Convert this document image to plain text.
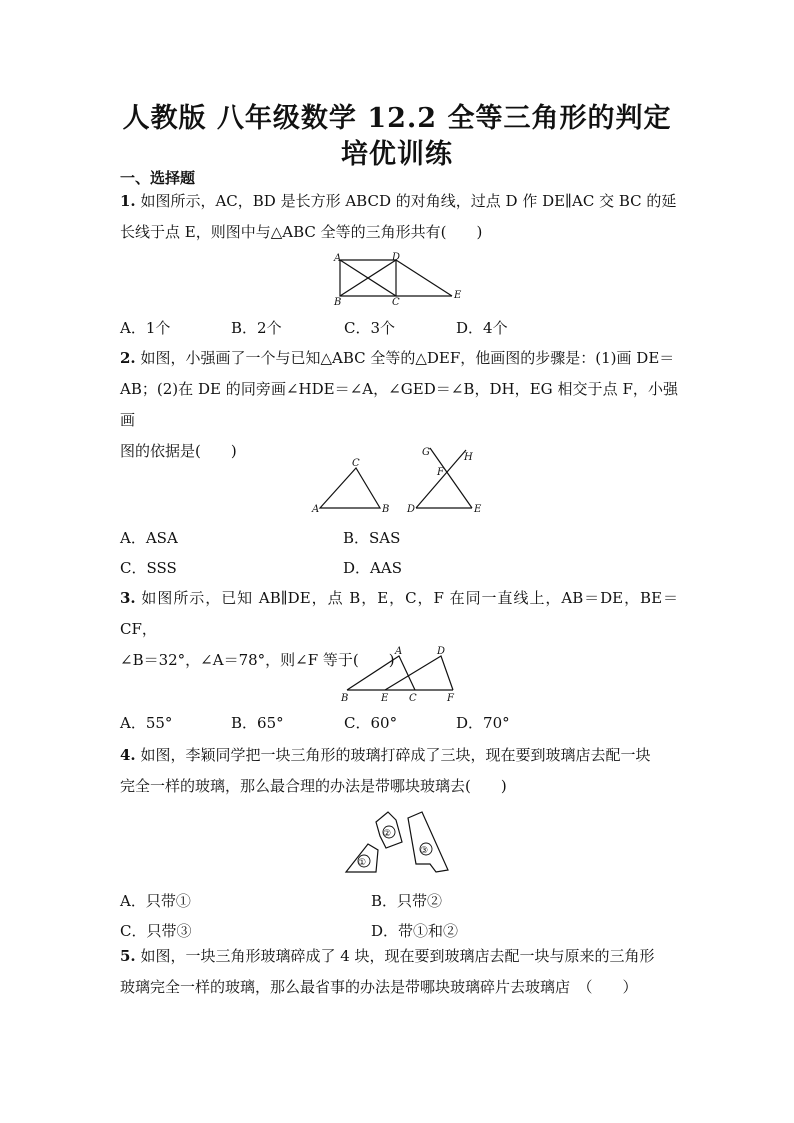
人教版 八年级数学 12.2 全等三角形的判定
培优训练
一、选择题
1. 如图所示，AC，BD 是长方形 ABCD 的对角线，过点 D 作 DE∥AC 交 BC 的延
长线于点 E，则图中与△ABC 全等的三角形共有(　　)
A	D
B	C
E
A．1个	B．2个	C．3个	D．4个
2. 如图，小强画了一个与已知△ABC 全等的△DEF，他画图的步骤是：(1)画 DE＝
AB；(2)在 DE 的同旁画∠HDE＝∠A，∠GED＝∠B，DH，EG 相交于点 F，小强画
图的依据是(　　)
C
A	B
G	H
F
D	E
A．ASA	B．SAS
C．SSS	D．AAS
3. 如图所示，已知 AB∥DE，点 B，E，C，F 在同一直线上，AB＝DE，BE＝CF，
∠B＝32°，∠A＝78°，则∠F 等于(　　) A	D
B	E C	F
A．55°	B．65°	C．60°	D．70°
4. 如图，李颖同学把一块三角形的玻璃打碎成了三块，现在要到玻璃店去配一块
完全一样的玻璃，那么最合理的办法是带哪块玻璃去(　　)
①
②
③
A．只带①	B．只带②
C．只带③	D．带①和②
5. 如图，一块三角形玻璃碎成了 4 块，现在要到玻璃店去配一块与原来的三角形
玻璃完全一样的玻璃，那么最省事的办法是带哪块玻璃碎片去玻璃店　（　　）
